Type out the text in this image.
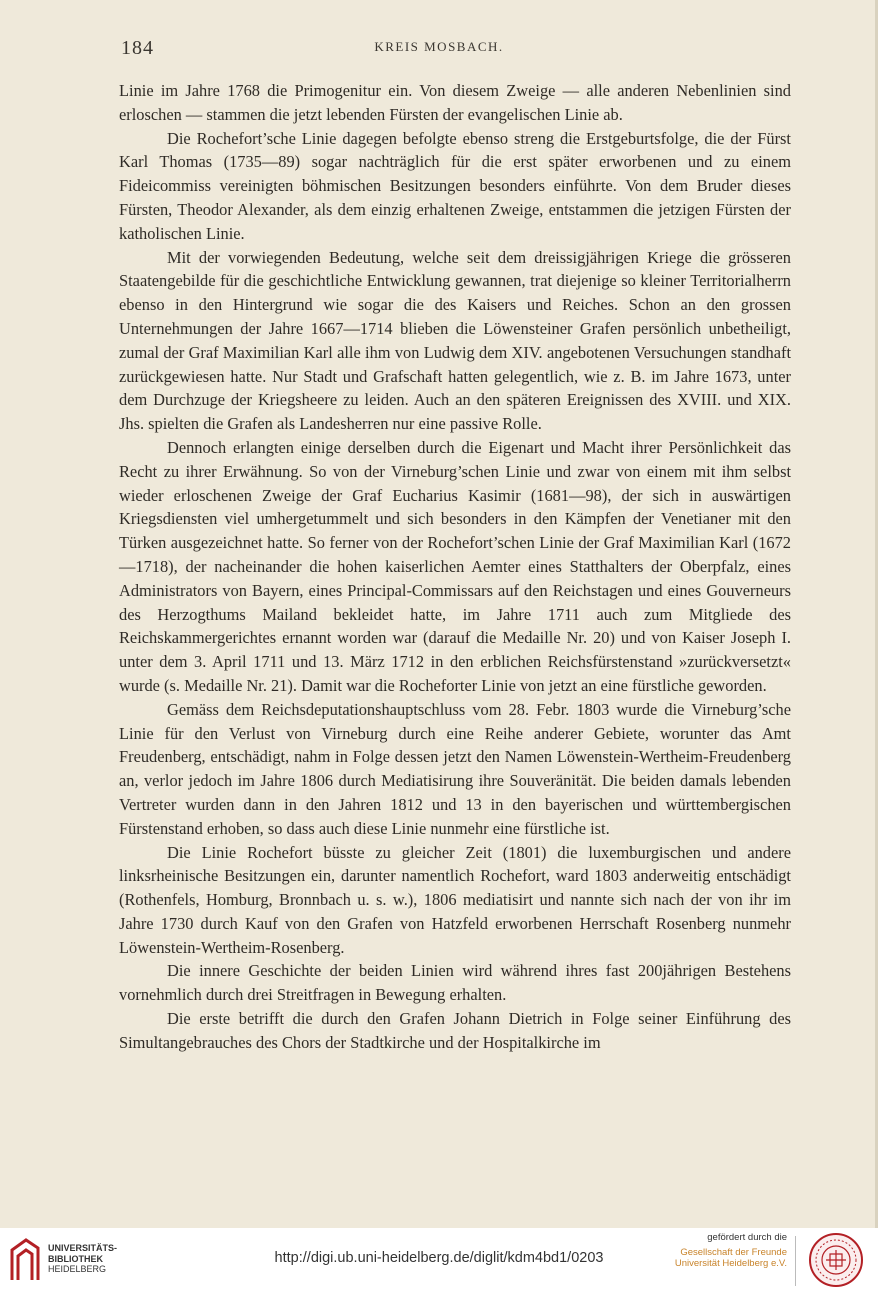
184	KREIS MOSBACH.

Linie im Jahre 1768 die Primogenitur ein. Von diesem Zweige — alle anderen Nebenlinien sind erloschen — stammen die jetzt lebenden Fürsten der evangelischen Linie ab.

Die Rochefort’sche Linie dagegen befolgte ebenso streng die Erstgeburtsfolge, die der Fürst Karl Thomas (1735—89) sogar nachträglich für die erst später erworbenen und zu einem Fideicommiss vereinigten böhmischen Besitzungen besonders einführte. Von dem Bruder dieses Fürsten, Theodor Alexander, als dem einzig erhaltenen Zweige, entstammen die jetzigen Fürsten der katholischen Linie.

Mit der vorwiegenden Bedeutung, welche seit dem dreissigjährigen Kriege die grösseren Staatengebilde für die geschichtliche Entwicklung gewannen, trat diejenige so kleiner Territorialherrn ebenso in den Hintergrund wie sogar die des Kaisers und Reiches. Schon an den grossen Unternehmungen der Jahre 1667—1714 blieben die Löwensteiner Grafen persönlich unbetheiligt, zumal der Graf Maximilian Karl alle ihm von Ludwig dem XIV. angebotenen Versuchungen standhaft zurückgewiesen hatte. Nur Stadt und Grafschaft hatten gelegentlich, wie z. B. im Jahre 1673, unter dem Durchzuge der Kriegsheere zu leiden. Auch an den späteren Ereignissen des XVIII. und XIX. Jhs. spielten die Grafen als Landesherren nur eine passive Rolle.

Dennoch erlangten einige derselben durch die Eigenart und Macht ihrer Persönlichkeit das Recht zu ihrer Erwähnung. So von der Virneburg’schen Linie und zwar von einem mit ihm selbst wieder erloschenen Zweige der Graf Eucharius Kasimir (1681—98), der sich in auswärtigen Kriegsdiensten viel umhergetummelt und sich besonders in den Kämpfen der Venetianer mit den Türken ausgezeichnet hatte. So ferner von der Rochefort’schen Linie der Graf Maximilian Karl (1672—1718), der nacheinander die hohen kaiserlichen Aemter eines Statthalters der Oberpfalz, eines Administrators von Bayern, eines Principal-Commissars auf den Reichstagen und eines Gouverneurs des Herzogthums Mailand bekleidet hatte, im Jahre 1711 auch zum Mitgliede des Reichskammergerichtes ernannt worden war (darauf die Medaille Nr. 20) und von Kaiser Joseph I. unter dem 3. April 1711 und 13. März 1712 in den erblichen Reichsfürstenstand »zurückversetzt« wurde (s. Medaille Nr. 21). Damit war die Rocheforter Linie von jetzt an eine fürstliche geworden.

Gemäss dem Reichsdeputationshauptschluss vom 28. Febr. 1803 wurde die Virneburg’sche Linie für den Verlust von Virneburg durch eine Reihe anderer Gebiete, worunter das Amt Freudenberg, entschädigt, nahm in Folge dessen jetzt den Namen Löwenstein-Wertheim-Freudenberg an, verlor jedoch im Jahre 1806 durch Mediatisirung ihre Souveränität. Die beiden damals lebenden Vertreter wurden dann in den Jahren 1812 und 13 in den bayerischen und württembergischen Fürstenstand erhoben, so dass auch diese Linie nunmehr eine fürstliche ist.

Die Linie Rochefort büsste zu gleicher Zeit (1801) die luxemburgischen und andere linksrheinische Besitzungen ein, darunter namentlich Rochefort, ward 1803 anderweitig entschädigt (Rothenfels, Homburg, Bronnbach u. s. w.), 1806 mediatisirt und nannte sich nach der von ihr im Jahre 1730 durch Kauf von den Grafen von Hatzfeld erworbenen Herrschaft Rosenberg nunmehr Löwenstein-Wertheim-Rosenberg.

Die innere Geschichte der beiden Linien wird während ihres fast 200jährigen Bestehens vornehmlich durch drei Streitfragen in Bewegung erhalten.

Die erste betrifft die durch den Grafen Johann Dietrich in Folge seiner Einführung des Simultangebrauches des Chors der Stadtkirche und der Hospitalkirche im

UNIVERSITÄTS-
BIBLIOTHEK
HEIDELBERG
http://digi.ub.uni-heidelberg.de/diglit/kdm4bd1/0203
gefördert durch die
Gesellschaft der Freunde
Universität Heidelberg e.V.
